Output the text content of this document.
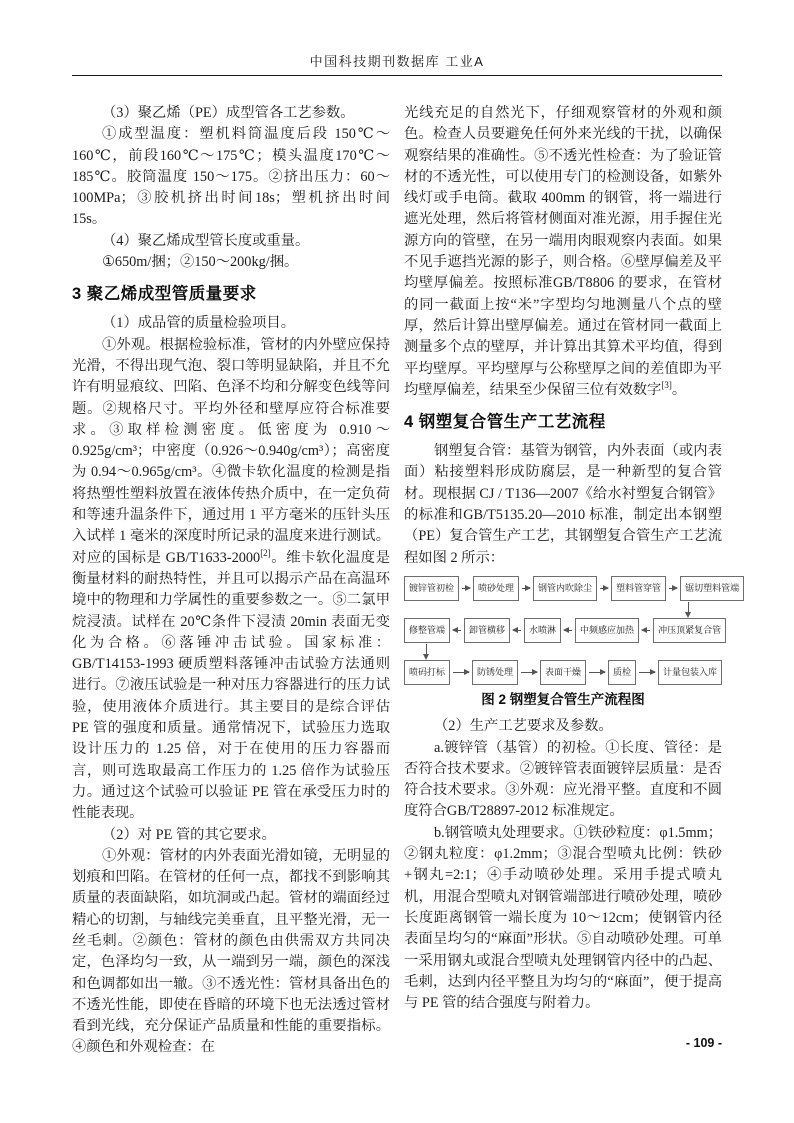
中国科技期刊数据库 工业A

（3）聚乙烯（PE）成型管各工艺参数。

①成型温度：塑机料筒温度后段 150℃～160℃，前段160℃～175℃；模头温度170℃～185℃。胶筒温度 150～175。②挤出压力：60～100MPa；③胶机挤出时间18s；塑机挤出时间 15s。

（4）聚乙烯成型管长度或重量。

①650m/捆；②150～200kg/捆。

3 聚乙烯成型管质量要求

（1）成品管的质量检验项目。

①外观。根据检验标准，管材的内外壁应保持光滑，不得出现气泡、裂口等明显缺陷，并且不允许有明显痕纹、凹陷、色泽不均和分解变色线等问题。②规格尺寸。平均外径和壁厚应符合标准要求。③取样检测密度。低密度为 0.910～0.925g/cm³；中密度（0.926～0.940g/cm³）；高密度为 0.94～0.965g/cm³。④微卡软化温度的检测是指将热塑性塑料放置在液体传热介质中，在一定负荷和等速升温条件下，通过用 1 平方毫米的压针头压入试样 1 毫米的深度时所记录的温度来进行测试。对应的国标是 GB/T1633-2000[2]。维卡软化温度是衡量材料的耐热特性，并且可以揭示产品在高温环境中的物理和力学属性的重要参数之一。⑤二氯甲烷浸渍。试样在 20℃条件下浸渍 20min 表面无变化为合格。⑥落锤冲击试验。国家标准：GB/T14153-1993 硬质塑料落锤冲击试验方法通则进行。⑦液压试验是一种对压力容器进行的压力试验，使用液体介质进行。其主要目的是综合评估 PE 管的强度和质量。通常情况下，试验压力选取设计压力的 1.25 倍，对于在使用的压力容器而言，则可选取最高工作压力的 1.25 倍作为试验压力。通过这个试验可以验证 PE 管在承受压力时的性能表现。

（2）对 PE 管的其它要求。

①外观：管材的内外表面光滑如镜，无明显的划痕和凹陷。在管材的任何一点，都找不到影响其质量的表面缺陷，如坑洞或凸起。管材的端面经过精心的切割，与轴线完美垂直，且平整光滑，无一丝毛刺。②颜色：管材的颜色由供需双方共同决定，色泽均匀一致，从一端到另一端，颜色的深浅和色调都如出一辙。③不透光性：管材具备出色的不透光性能，即使在昏暗的环境下也无法透过管材看到光线，充分保证产品质量和性能的重要指标。④颜色和外观检查：在

光线充足的自然光下，仔细观察管材的外观和颜色。检查人员要避免任何外来光线的干扰，以确保观察结果的准确性。⑤不透光性检查：为了验证管材的不透光性，可以使用专门的检测设备，如紫外线灯或手电筒。截取 400mm 的钢管，将一端进行遮光处理，然后将管材侧面对准光源，用手握住光源方向的管壁，在另一端用肉眼观察内表面。如果不见手遮挡光源的影子，则合格。⑥壁厚偏差及平均壁厚偏差。按照标准GB/T8806 的要求，在管材的同一截面上按“米”字型均匀地测量八个点的壁厚，然后计算出壁厚偏差。通过在管材同一截面上测量多个点的壁厚，并计算出其算术平均值，得到平均壁厚。平均壁厚与公称壁厚之间的差值即为平均壁厚偏差，结果至少保留三位有效数字[3]。

4 钢塑复合管生产工艺流程

钢塑复合管：基管为钢管，内外表面（或内表面）粘接塑料形成防腐层，是一种新型的复合管材。现根据 CJ / T136—2007《给水衬塑复合钢管》的标准和GB/T5135.20—2010 标准，制定出本钢塑（PE）复合管生产工艺，其钢塑复合管生产工艺流程如图 2 所示：

镀锌管初检	喷砂处理	钢管内吹除尘	塑料管穿管	锯切塑料管端
修整管端	卸管横移	水喷淋	中频感应加热	冲压顶紧复合管
喷码打标	防锈处理	表面干燥	质检	计量包装入库
图 2 钢塑复合管生产流程图

（2）生产工艺要求及参数。

a.镀锌管（基管）的初检。①长度、管径：是否符合技术要求。②镀锌管表面镀锌层质量：是否符合技术要求。③外观：应光滑平整。直度和不圆度符合GB/T28897-2012 标准规定。

b.钢管喷丸处理要求。①铁砂粒度：φ1.5mm；②钢丸粒度：φ1.2mm；③混合型喷丸比例：铁砂+钢丸=2:1；④手动喷砂处理。采用手提式喷丸机，用混合型喷丸对钢管端部进行喷砂处理，喷砂长度距离钢管一端长度为 10～12cm；使钢管内径表面呈均匀的“麻面”形状。⑤自动喷砂处理。可单一采用钢丸或混合型喷丸处理钢管内径中的凸起、毛刺，达到内径平整且为均匀的“麻面”，便于提高与 PE 管的结合强度与附着力。

- 109 -
